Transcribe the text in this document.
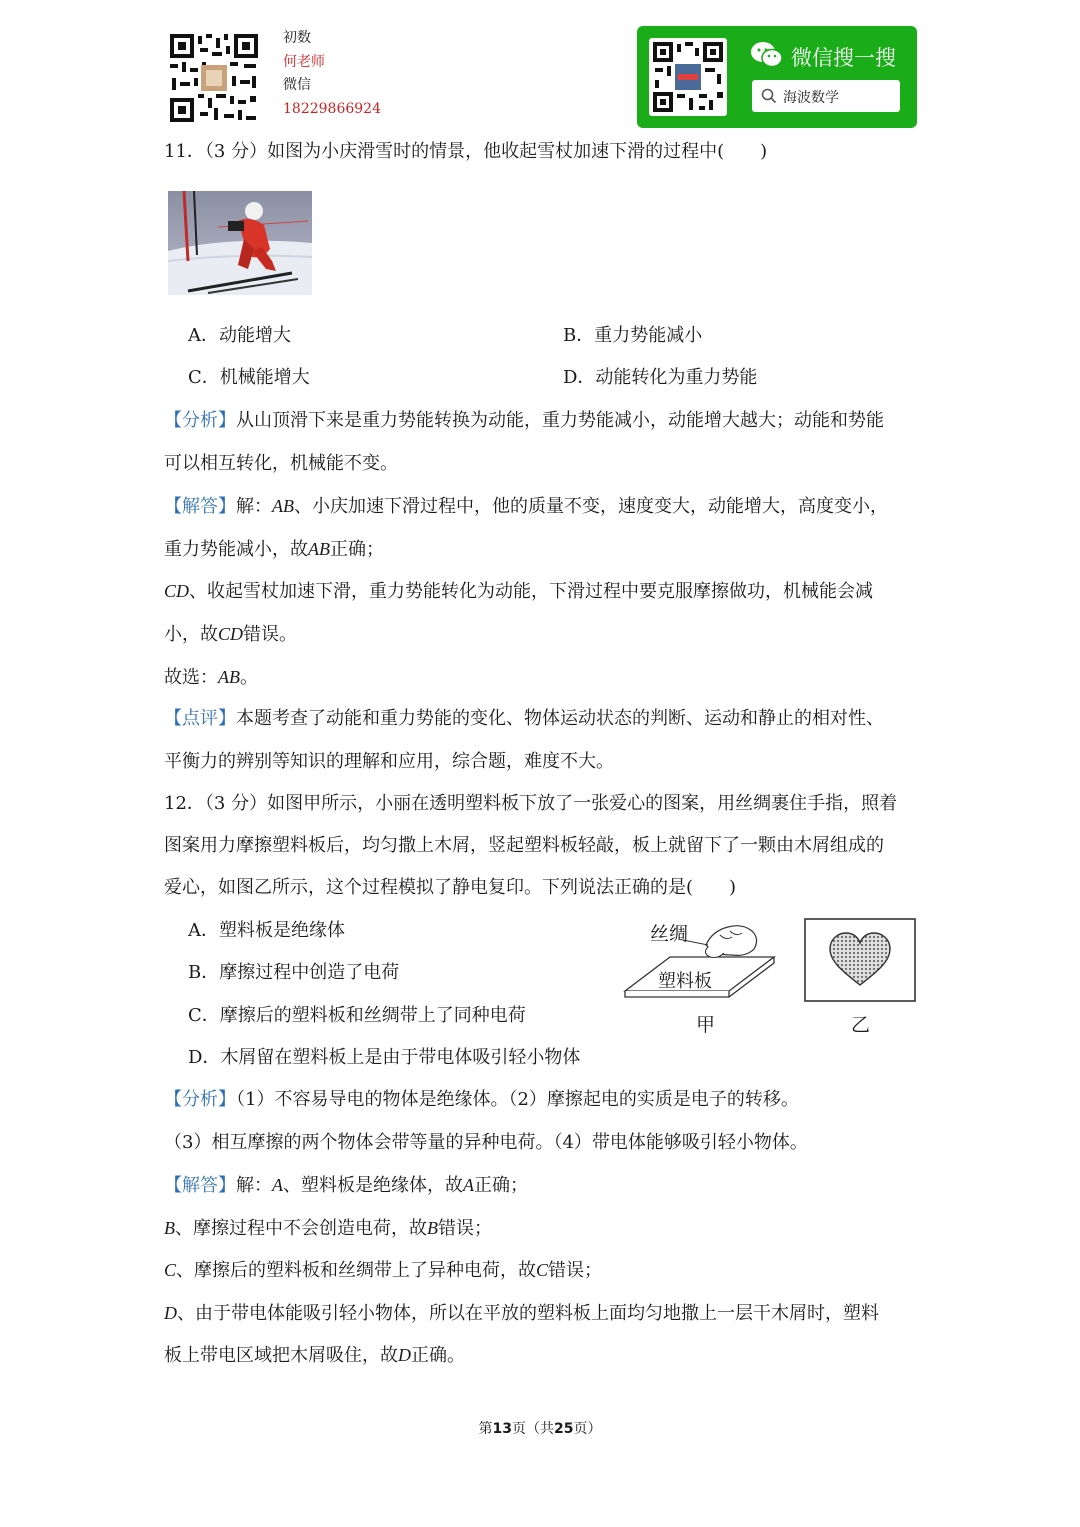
初数
何老师
微信
18229866924
微信搜一搜
海波数学
11．（3 分）如图为小庆滑雪时的情景，他收起雪杖加速下滑的过程中(　　)
A．动能增大	B．重力势能减小
C．机械能增大	D．动能转化为重力势能
【分析】从山顶滑下来是重力势能转换为动能，重力势能减小，动能增大越大；动能和势能
可以相互转化，机械能不变。
【解答】解：AB、小庆加速下滑过程中，他的质量不变，速度变大，动能增大，高度变小，
重力势能减小，故AB正确；
CD、收起雪杖加速下滑，重力势能转化为动能，下滑过程中要克服摩擦做功，机械能会减
小，故CD错误。
故选：AB。
【点评】本题考查了动能和重力势能的变化、物体运动状态的判断、运动和静止的相对性、
平衡力的辨别等知识的理解和应用，综合题，难度不大。
12．（3 分）如图甲所示，小丽在透明塑料板下放了一张爱心的图案，用丝绸裹住手指，照着
图案用力摩擦塑料板后，均匀撒上木屑，竖起塑料板轻敲，板上就留下了一颗由木屑组成的
爱心，如图乙所示，这个过程模拟了静电复印。下列说法正确的是(　　)
A．塑料板是绝缘体
B．摩擦过程中创造了电荷
C．摩擦后的塑料板和丝绸带上了同种电荷
D．木屑留在塑料板上是由于带电体吸引轻小物体
丝绸
塑料板
甲	乙
【分析】（1）不容易导电的物体是绝缘体。（2）摩擦起电的实质是电子的转移。
（3）相互摩擦的两个物体会带等量的异种电荷。（4）带电体能够吸引轻小物体。
【解答】解：A、塑料板是绝缘体，故A正确；
B、摩擦过程中不会创造电荷，故B错误；
C、摩擦后的塑料板和丝绸带上了异种电荷，故C错误；
D、由于带电体能吸引轻小物体，所以在平放的塑料板上面均匀地撒上一层干木屑时，塑料
板上带电区域把木屑吸住，故D正确。
第13页（共25页）
